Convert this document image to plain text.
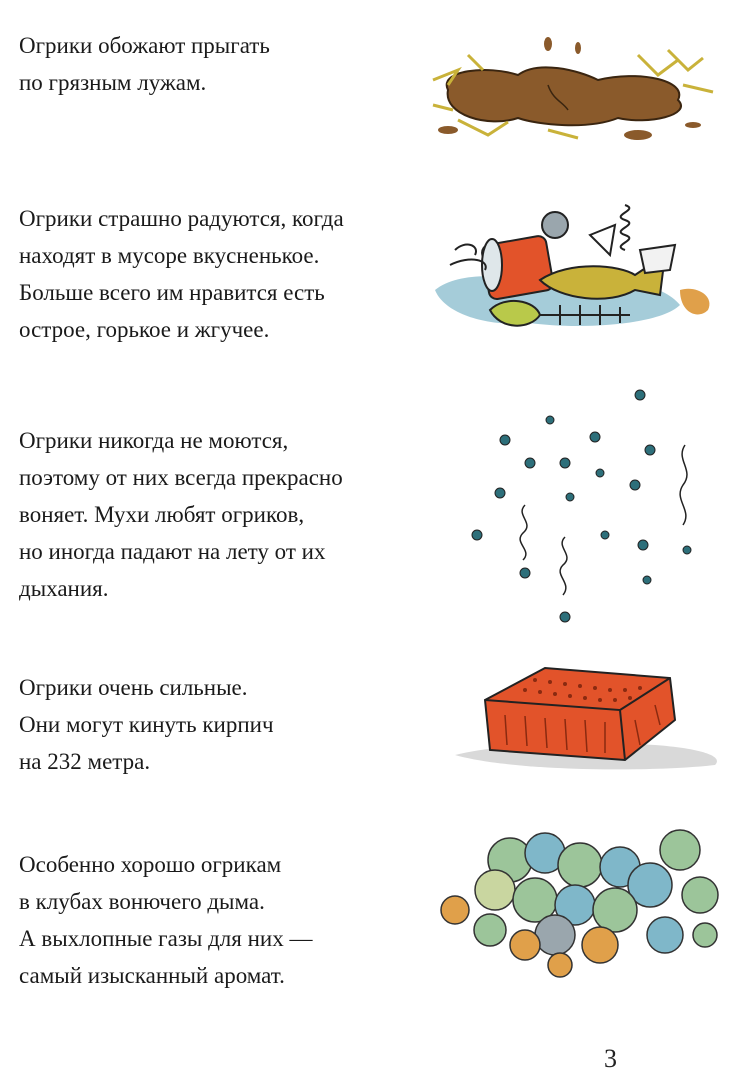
Огрики обожают прыгать
по грязным лужам.

Огрики страшно радуются, когда
находят в мусоре вкусненькое.
Больше всего им нравится есть
острое, горькое и жгучее.

Огрики никогда не моются,
поэтому от них всегда прекрасно
воняет. Мухи любят огриков,
но иногда падают на лету от их
дыхания.

Огрики очень сильные.
Они могут кинуть кирпич
на 232 метра.

Особенно хорошо огрикам
в клубах вонючего дыма.
А выхлопные газы для них —
самый изысканный аромат.

3
